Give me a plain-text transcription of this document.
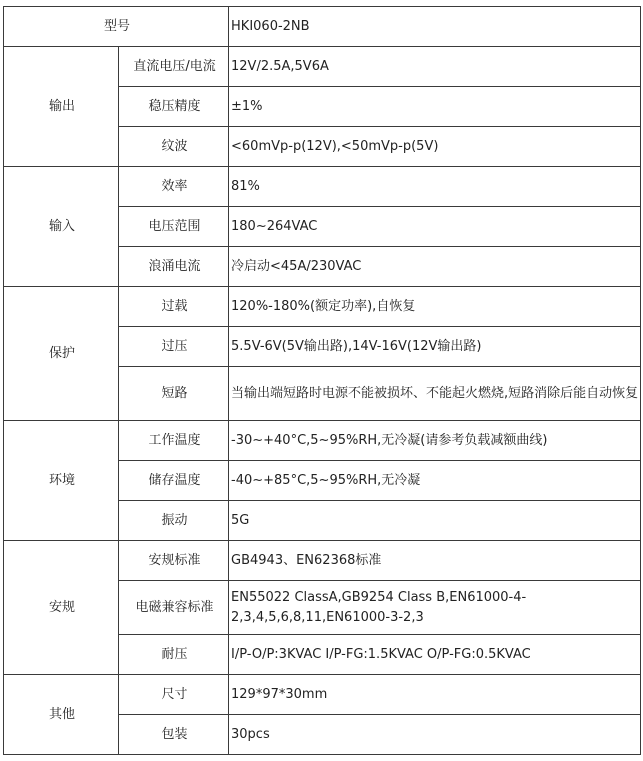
型号		HKI060-2NB
输出	直流电压/电流	12V/2.5A,5V6A
	稳压精度	±1%
	纹波	<60mVp-p(12V),<50mVp-p(5V)
输入	效率	81%
	电压范围	180~264VAC
	浪涌电流	冷启动<45A/230VAC
保护	过载	120%-180%(额定功率),自恢复
	过压	5.5V-6V(5V输出路),14V-16V(12V输出路)
	短路	当输出端短路时电源不能被损坏、不能起火燃烧,短路消除后能自动恢复
环境	工作温度	-30~+40°C,5~95%RH,无冷凝(请参考负载减额曲线)
	储存温度	-40~+85°C,5~95%RH,无冷凝
	振动	5G
安规	安规标准	GB4943、EN62368标准
	电磁兼容标准	EN55022 ClassA,GB9254 Class B,EN61000-4-2,3,4,5,6,8,11,EN61000-3-2,3
	耐压	I/P-O/P:3KVAC I/P-FG:1.5KVAC O/P-FG:0.5KVAC
其他	尺寸	129*97*30mm
	包装	30pcs
